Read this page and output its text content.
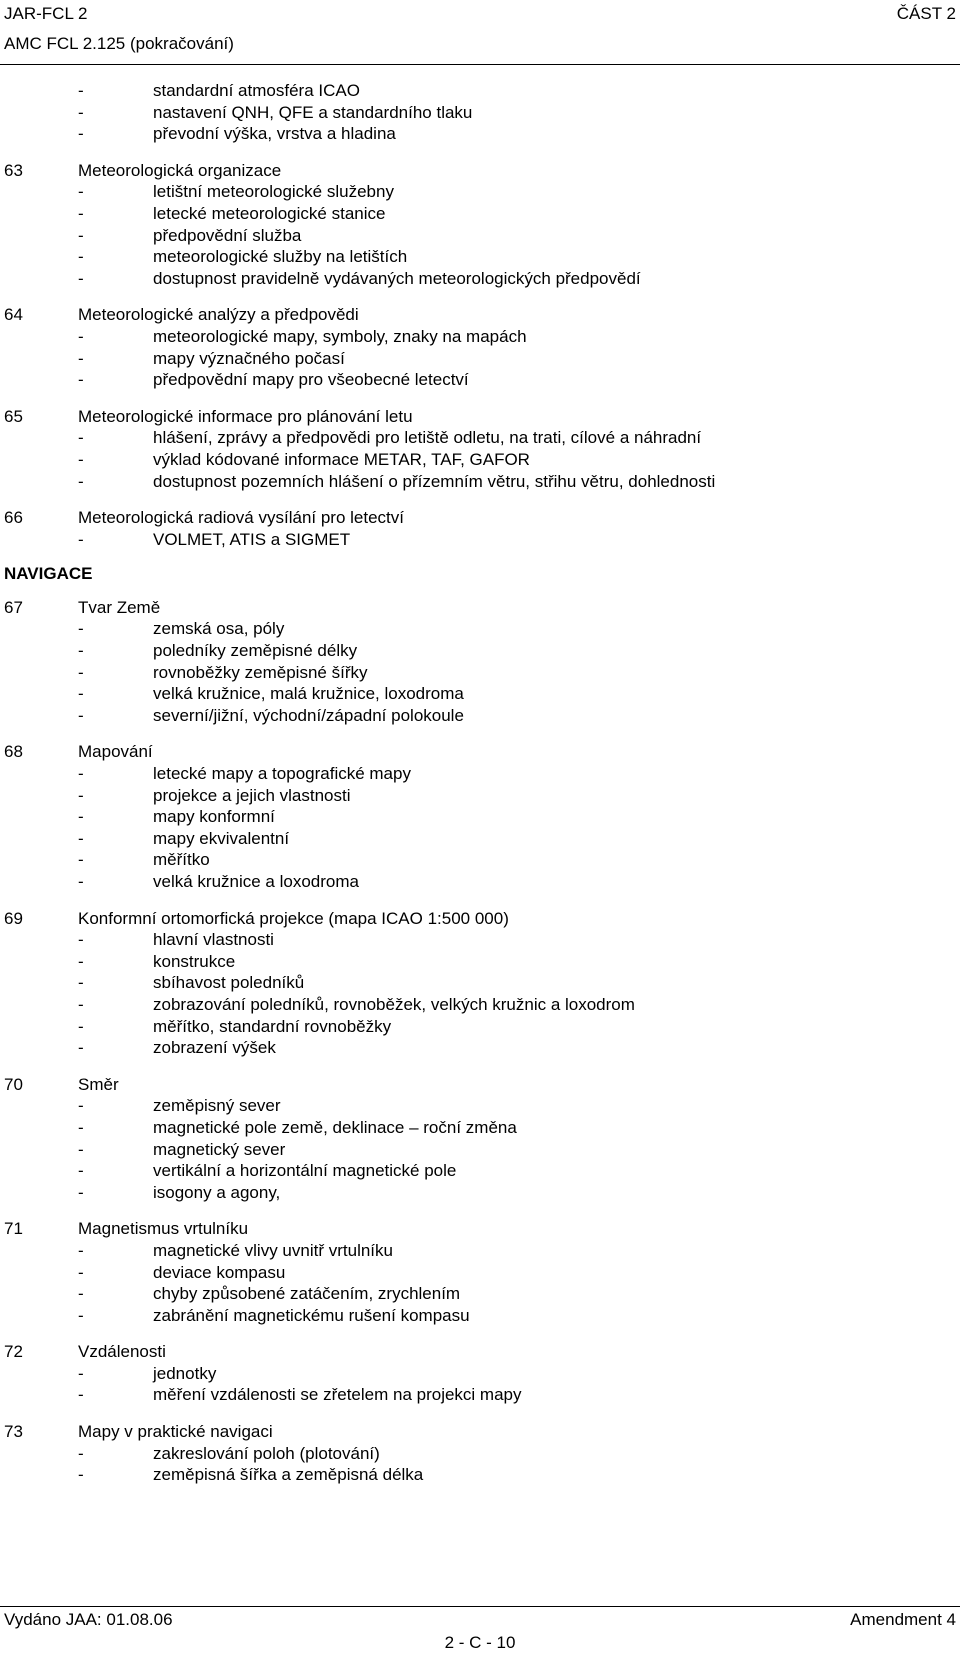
JAR-FCL 2	ČÁST 2
AMC FCL 2.125 (pokračování)
-	standardní atmosféra ICAO
-	nastavení QNH, QFE a standardního tlaku
-	převodní výška, vrstva a hladina
63	Meteorologická organizace
-	letištní meteorologické služebny
-	letecké meteorologické stanice
-	předpovědní služba
-	meteorologické služby na letištích
-	dostupnost pravidelně vydávaných meteorologických předpovědí
64	Meteorologické analýzy a předpovědi
-	meteorologické mapy, symboly, znaky na mapách
-	mapy význačného počasí
-	předpovědní mapy pro všeobecné letectví
65	Meteorologické informace pro plánování letu
-	hlášení, zprávy a předpovědi pro letiště odletu, na trati, cílové a náhradní
-	výklad kódované informace METAR, TAF, GAFOR
-	dostupnost pozemních hlášení o přízemním větru, střihu větru, dohlednosti
66	Meteorologická radiová vysílání pro letectví
-	VOLMET, ATIS a SIGMET
NAVIGACE
67	Tvar Země
-	zemská osa, póly
-	poledníky zeměpisné délky
-	rovnoběžky zeměpisné šířky
-	velká kružnice, malá kružnice, loxodroma
-	severní/jižní, východní/západní polokoule
68	Mapování
-	letecké mapy a topografické mapy
-	projekce a jejich vlastnosti
-	mapy konformní
-	mapy ekvivalentní
-	měřítko
-	velká kružnice a loxodroma
69	Konformní ortomorfická projekce (mapa ICAO 1:500 000)
-	hlavní vlastnosti
-	konstrukce
-	sbíhavost poledníků
-	zobrazování poledníků, rovnoběžek, velkých kružnic a loxodrom
-	měřítko, standardní rovnoběžky
-	zobrazení výšek
70	Směr
-	zeměpisný sever
-	magnetické pole země, deklinace – roční změna
-	magnetický sever
-	vertikální a horizontální magnetické pole
-	isogony a agony,
71	Magnetismus vrtulníku
-	magnetické vlivy uvnitř vrtulníku
-	deviace kompasu
-	chyby způsobené zatáčením, zrychlením
-	zabránění magnetickému rušení kompasu
72	Vzdálenosti
-	jednotky
-	měření vzdálenosti se zřetelem na projekci mapy
73	Mapy v praktické navigaci
-	zakreslování poloh (plotování)
-	zeměpisná šířka a zeměpisná délka
Vydáno JAA: 01.08.06	Amendment 4
2 - C - 10
